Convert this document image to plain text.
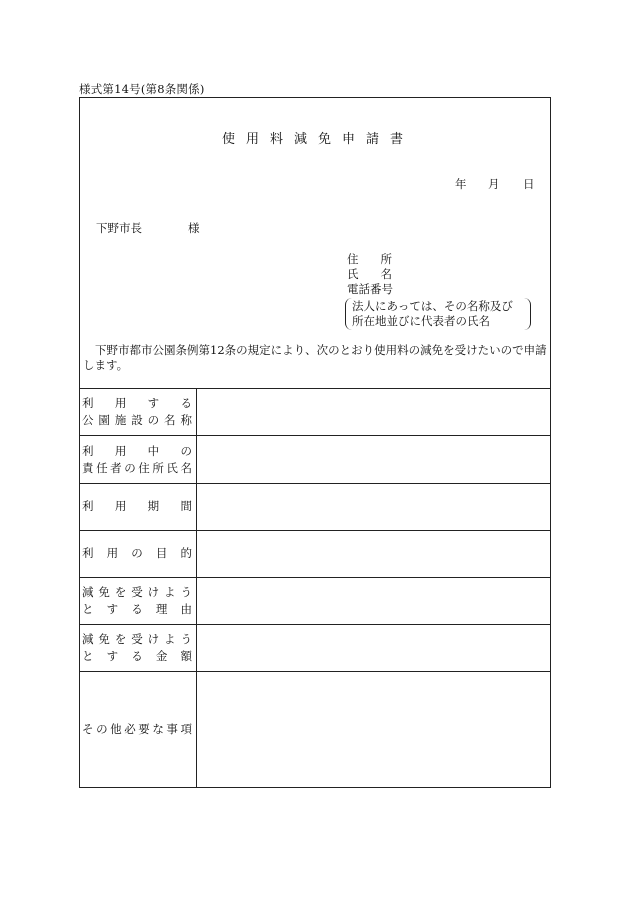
様式第14号(第8条関係)
使用料減免申請書
年 月 日
下野市長	様
住 所
氏 名
電話番号
法人にあっては、その名称及び
所在地並びに代表者の氏名
下野市都市公園条例第12条の規定により、次のとおり使用料の減免を受けたいので申請します。
利 用 す る
公 園 施 設 の 名 称
利 用 中 の
責 任 者 の 住 所 氏 名
利 用 期 間
利 用 の 目 的
減 免 を 受 け よ う
と す る 理 由
減 免 を 受 け よ う
と す る 金 額
そ の 他 必 要 な 事 項
